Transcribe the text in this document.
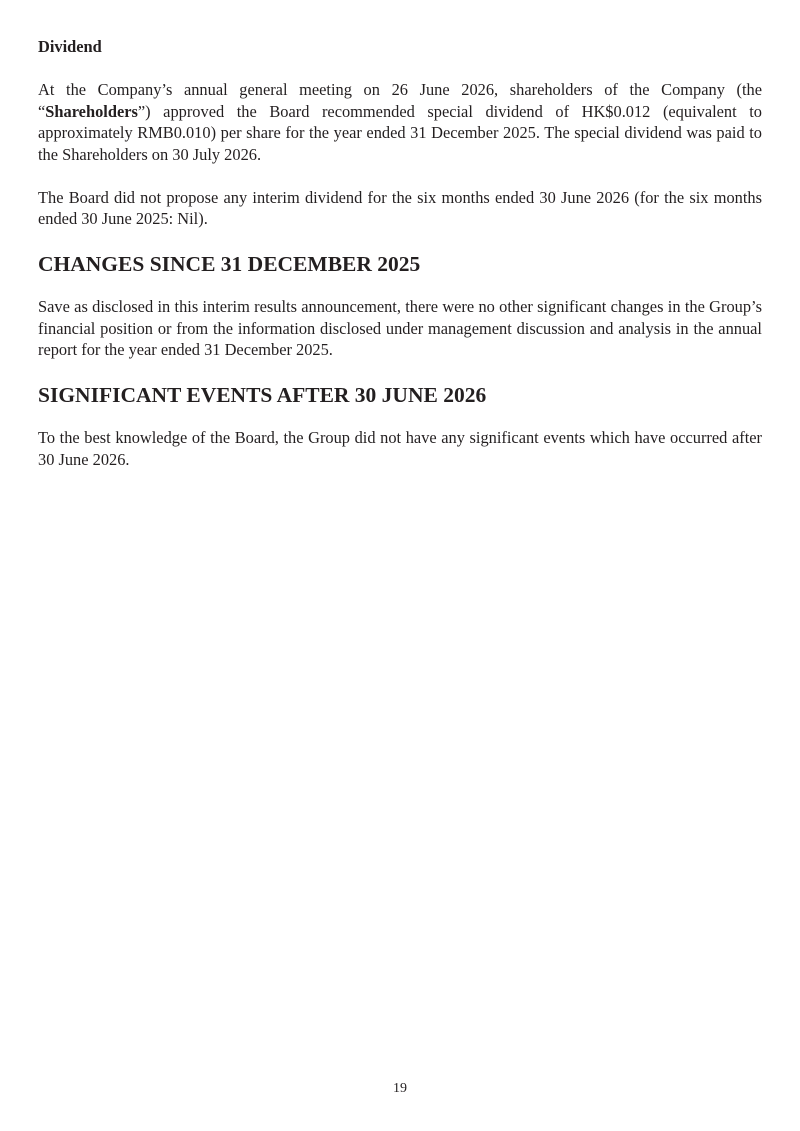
Dividend

At the Company’s annual general meeting on 26 June 2026, shareholders of the Company (the “Shareholders”) approved the Board recommended special dividend of HK$0.012 (equivalent to approximately RMB0.010) per share for the year ended 31 December 2025. The special dividend was paid to the Shareholders on 30 July 2026.

The Board did not propose any interim dividend for the six months ended 30 June 2026 (for the six months ended 30 June 2025: Nil).

CHANGES SINCE 31 DECEMBER 2025

Save as disclosed in this interim results announcement, there were no other significant changes in the Group’s financial position or from the information disclosed under management discussion and analysis in the annual report for the year ended 31 December 2025.

SIGNIFICANT EVENTS AFTER 30 JUNE 2026

To the best knowledge of the Board, the Group did not have any significant events which have occurred after 30 June 2026.

19
